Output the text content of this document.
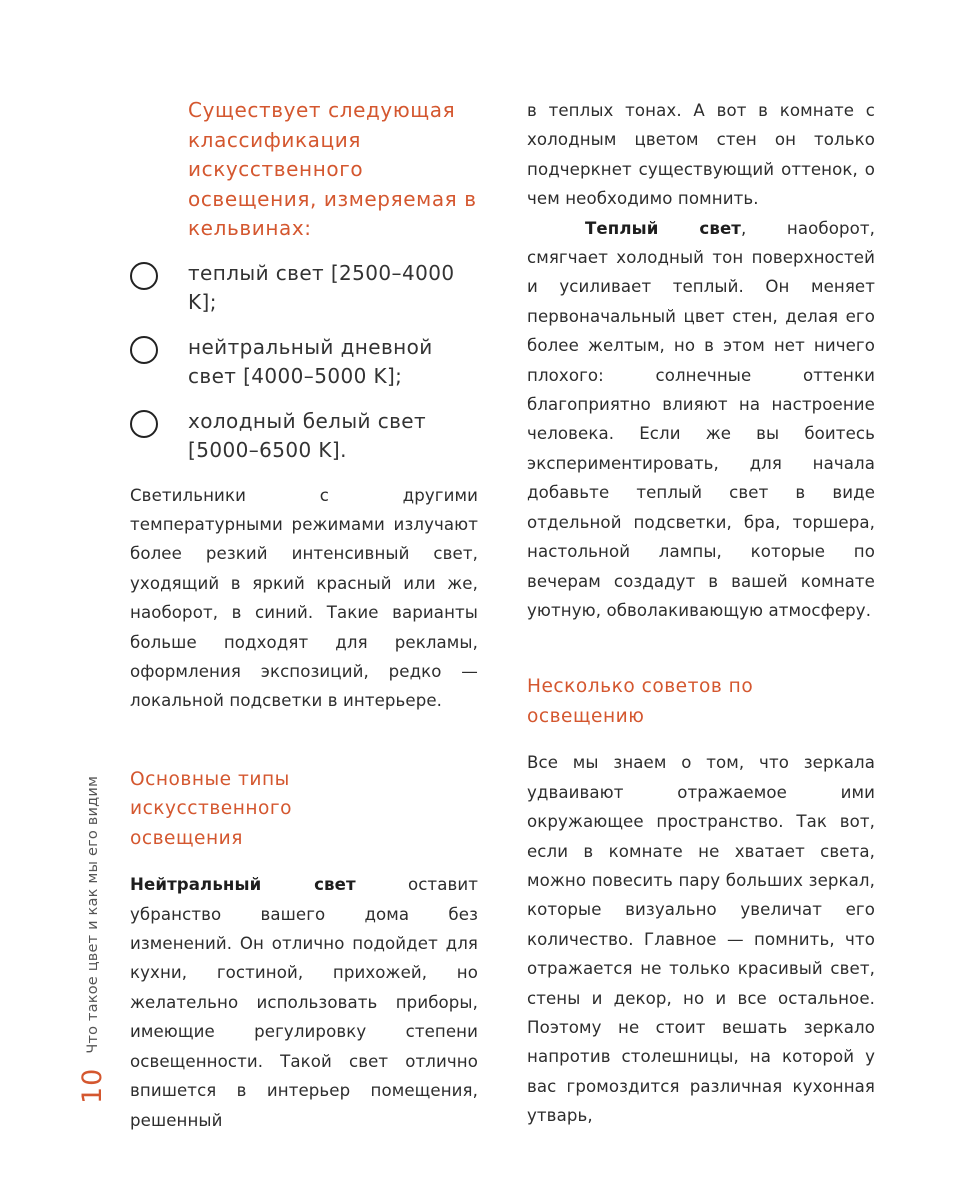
Существует следующая классификация искусственного освещения, измеряемая в кельвинах:

теплый свет [2500–4000 K];
нейтральный дневной свет [4000–5000 K];
холодный белый свет [5000–6500 K].

Светильники с другими температурными режимами излучают более резкий интенсивный свет, уходящий в яркий красный или же, наоборот, в синий. Такие варианты больше подходят для рекламы, оформления экспозиций, редко — локальной подсветки в интерьере.

Основные типы искусственного освещения

Нейтральный свет оставит убранство вашего дома без изменений. Он отлично подойдет для кухни, гостиной, прихожей, но желательно использовать приборы, имеющие регулировку степени освещенности. Такой свет отлично впишется в интерьер помещения, решенный

в теплых тонах. А вот в комнате с холодным цветом стен он только подчеркнет существующий оттенок, о чем необходимо помнить.

Теплый свет, наоборот, смягчает холодный тон поверхностей и усиливает теплый. Он меняет первоначальный цвет стен, делая его более желтым, но в этом нет ничего плохого: солнечные оттенки благоприятно влияют на настроение человека. Если же вы боитесь экспериментировать, для начала добавьте теплый свет в виде отдельной подсветки, бра, торшера, настольной лампы, которые по вечерам создадут в вашей комнате уютную, обволакивающую атмосферу.

Несколько советов по освещению

Все мы знаем о том, что зеркала удваивают отражаемое ими окружающее пространство. Так вот, если в комнате не хватает света, можно повесить пару больших зеркал, которые визуально увеличат его количество. Главное — помнить, что отражается не только красивый свет, стены и декор, но и все остальное. Поэтому не стоит вешать зеркало напротив столешницы, на которой у вас громоздится различная кухонная утварь,

10
Что такое цвет и как мы его видим
